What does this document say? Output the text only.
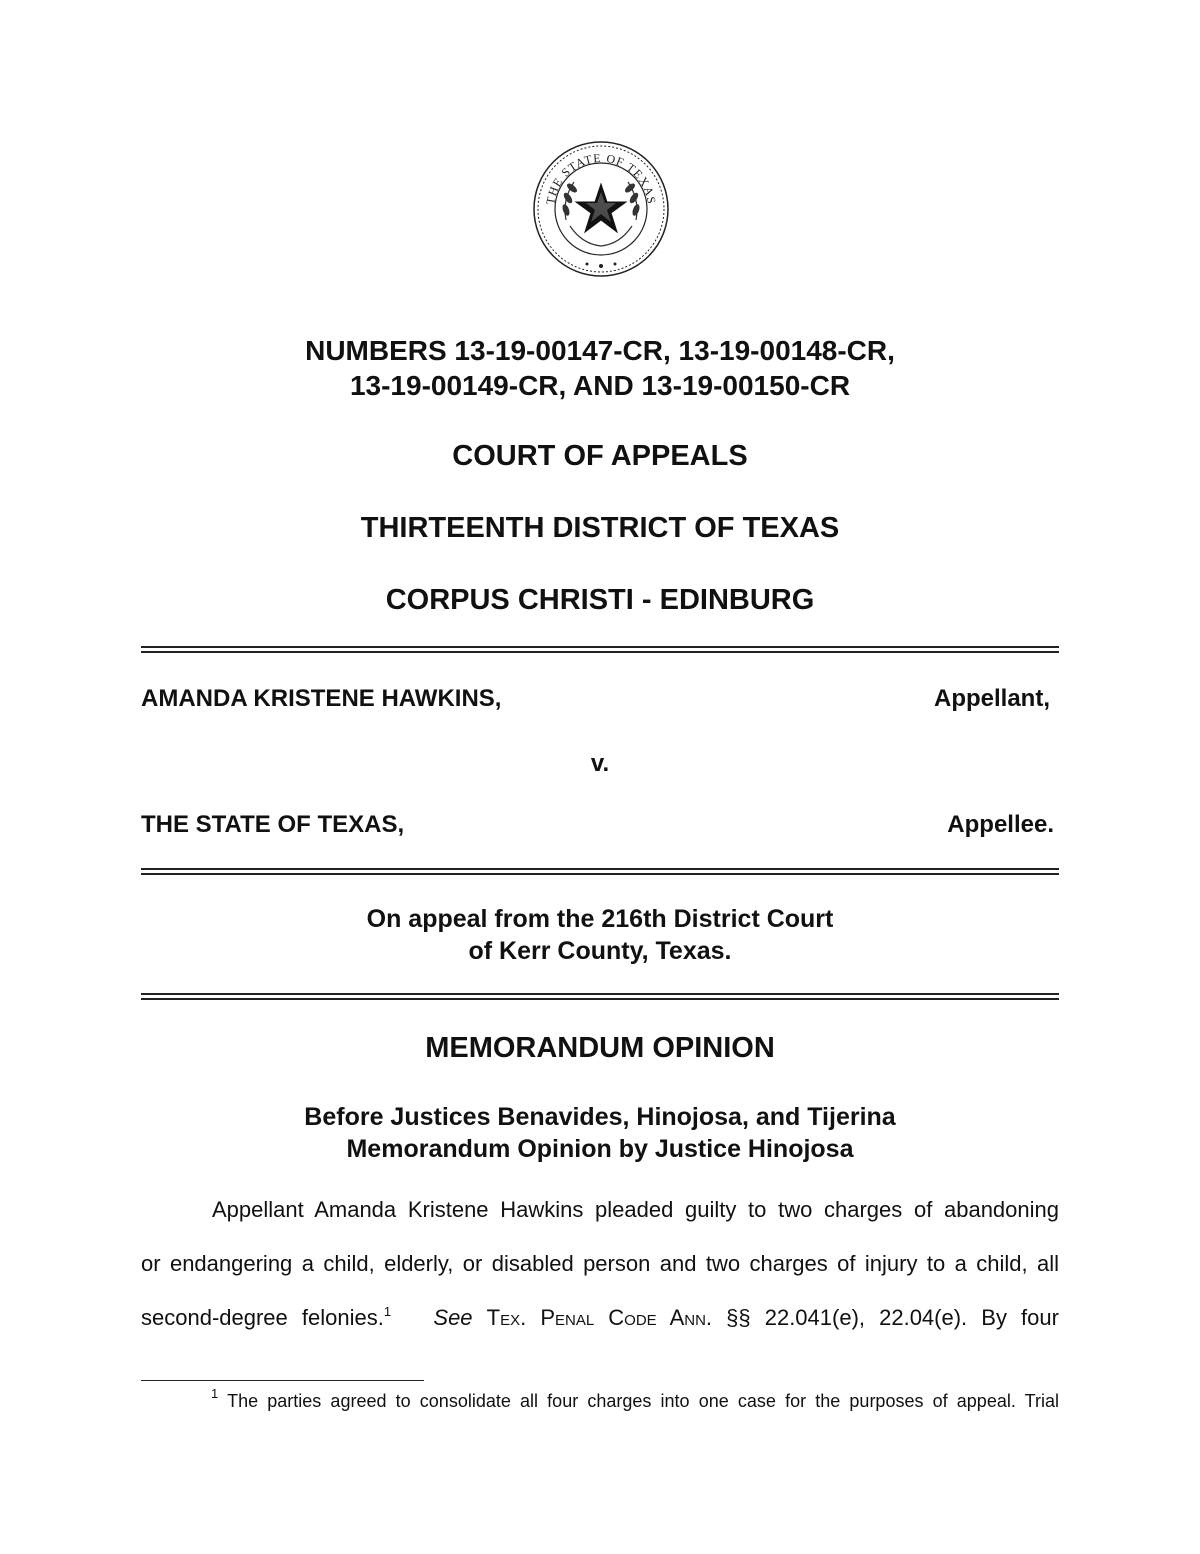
THE STATE OF TEXAS
NUMBERS 13-19-00147-CR, 13-19-00148-CR,
13-19-00149-CR, AND 13-19-00150-CR
COURT OF APPEALS
THIRTEENTH DISTRICT OF TEXAS
CORPUS CHRISTI - EDINBURG
AMANDA KRISTENE HAWKINS,	Appellant,
v.
THE STATE OF TEXAS,	Appellee.
On appeal from the 216th District Court
of Kerr County, Texas.
MEMORANDUM OPINION
Before Justices Benavides, Hinojosa, and Tijerina
Memorandum Opinion by Justice Hinojosa

Appellant Amanda Kristene Hawkins pleaded guilty to two charges of abandoning

or endangering a child, elderly, or disabled person and two charges of injury to a child, all

second-degree felonies.$^1$ See Tex. Penal Code Ann. §§ 22.041(e), 22.04(e). By four

$^1$ The parties agreed to consolidate all four charges into one case for the purposes of appeal. Trial
